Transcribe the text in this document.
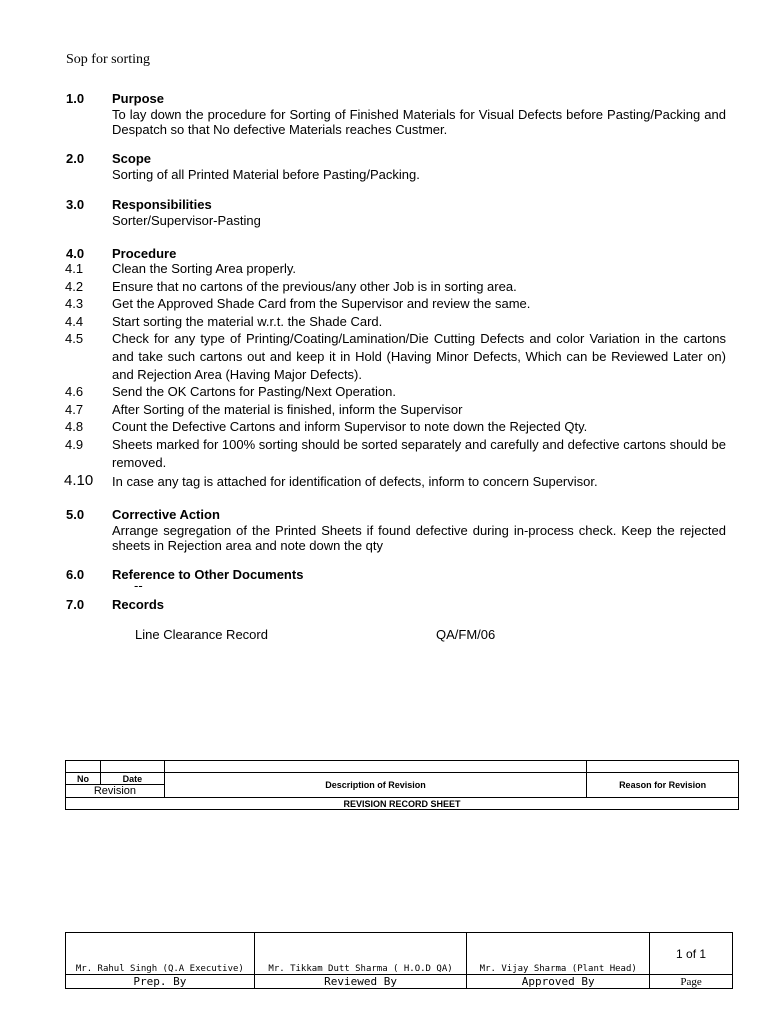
Sop for sorting
1.0 Purpose
To lay down the procedure for Sorting of Finished Materials for Visual Defects before Pasting/Packing and Despatch so that No defective Materials reaches Custmer.
2.0 Scope
Sorting of all Printed Material before Pasting/Packing.
3.0 Responsibilities
Sorter/Supervisor-Pasting
4.0 Procedure
4.1 Clean the Sorting Area properly.
4.2 Ensure that no cartons of the previous/any other Job is in sorting area.
4.3 Get the Approved Shade Card from the Supervisor and review the same.
4.4 Start sorting the material w.r.t. the Shade Card.
4.5 Check for any type of Printing/Coating/Lamination/Die Cutting Defects and color Variation in the cartons and take such cartons out and keep it in Hold (Having Minor Defects, Which can be Reviewed Later on) and Rejection Area (Having Major Defects).
4.6 Send the OK Cartons for Pasting/Next Operation.
4.7 After Sorting of the material is finished, inform the Supervisor
4.8 Count the Defective Cartons and inform Supervisor to note down the Rejected Qty.
4.9 Sheets marked for 100% sorting should be sorted separately and carefully and defective cartons should be removed.
4.10 In case any tag is attached for identification of defects, inform to concern Supervisor.
5.0 Corrective Action
Arrange segregation of the Printed Sheets if found defective during in-process check. Keep the rejected sheets in Rejection area and note down the qty
6.0 Reference to Other Documents
--
7.0 Records
Line Clearance Record	QA/FM/06

No	Date	Description of Revision	Reason for Revision
Revision			
REVISION RECORD SHEET			
Mr. Rahul Singh (Q.A Executive)	Mr. Tikkam Dutt Sharma ( H.O.D QA)	Mr. Vijay Sharma (Plant Head)	1 of 1
Prep. By	Reviewed By	Approved By	Page
